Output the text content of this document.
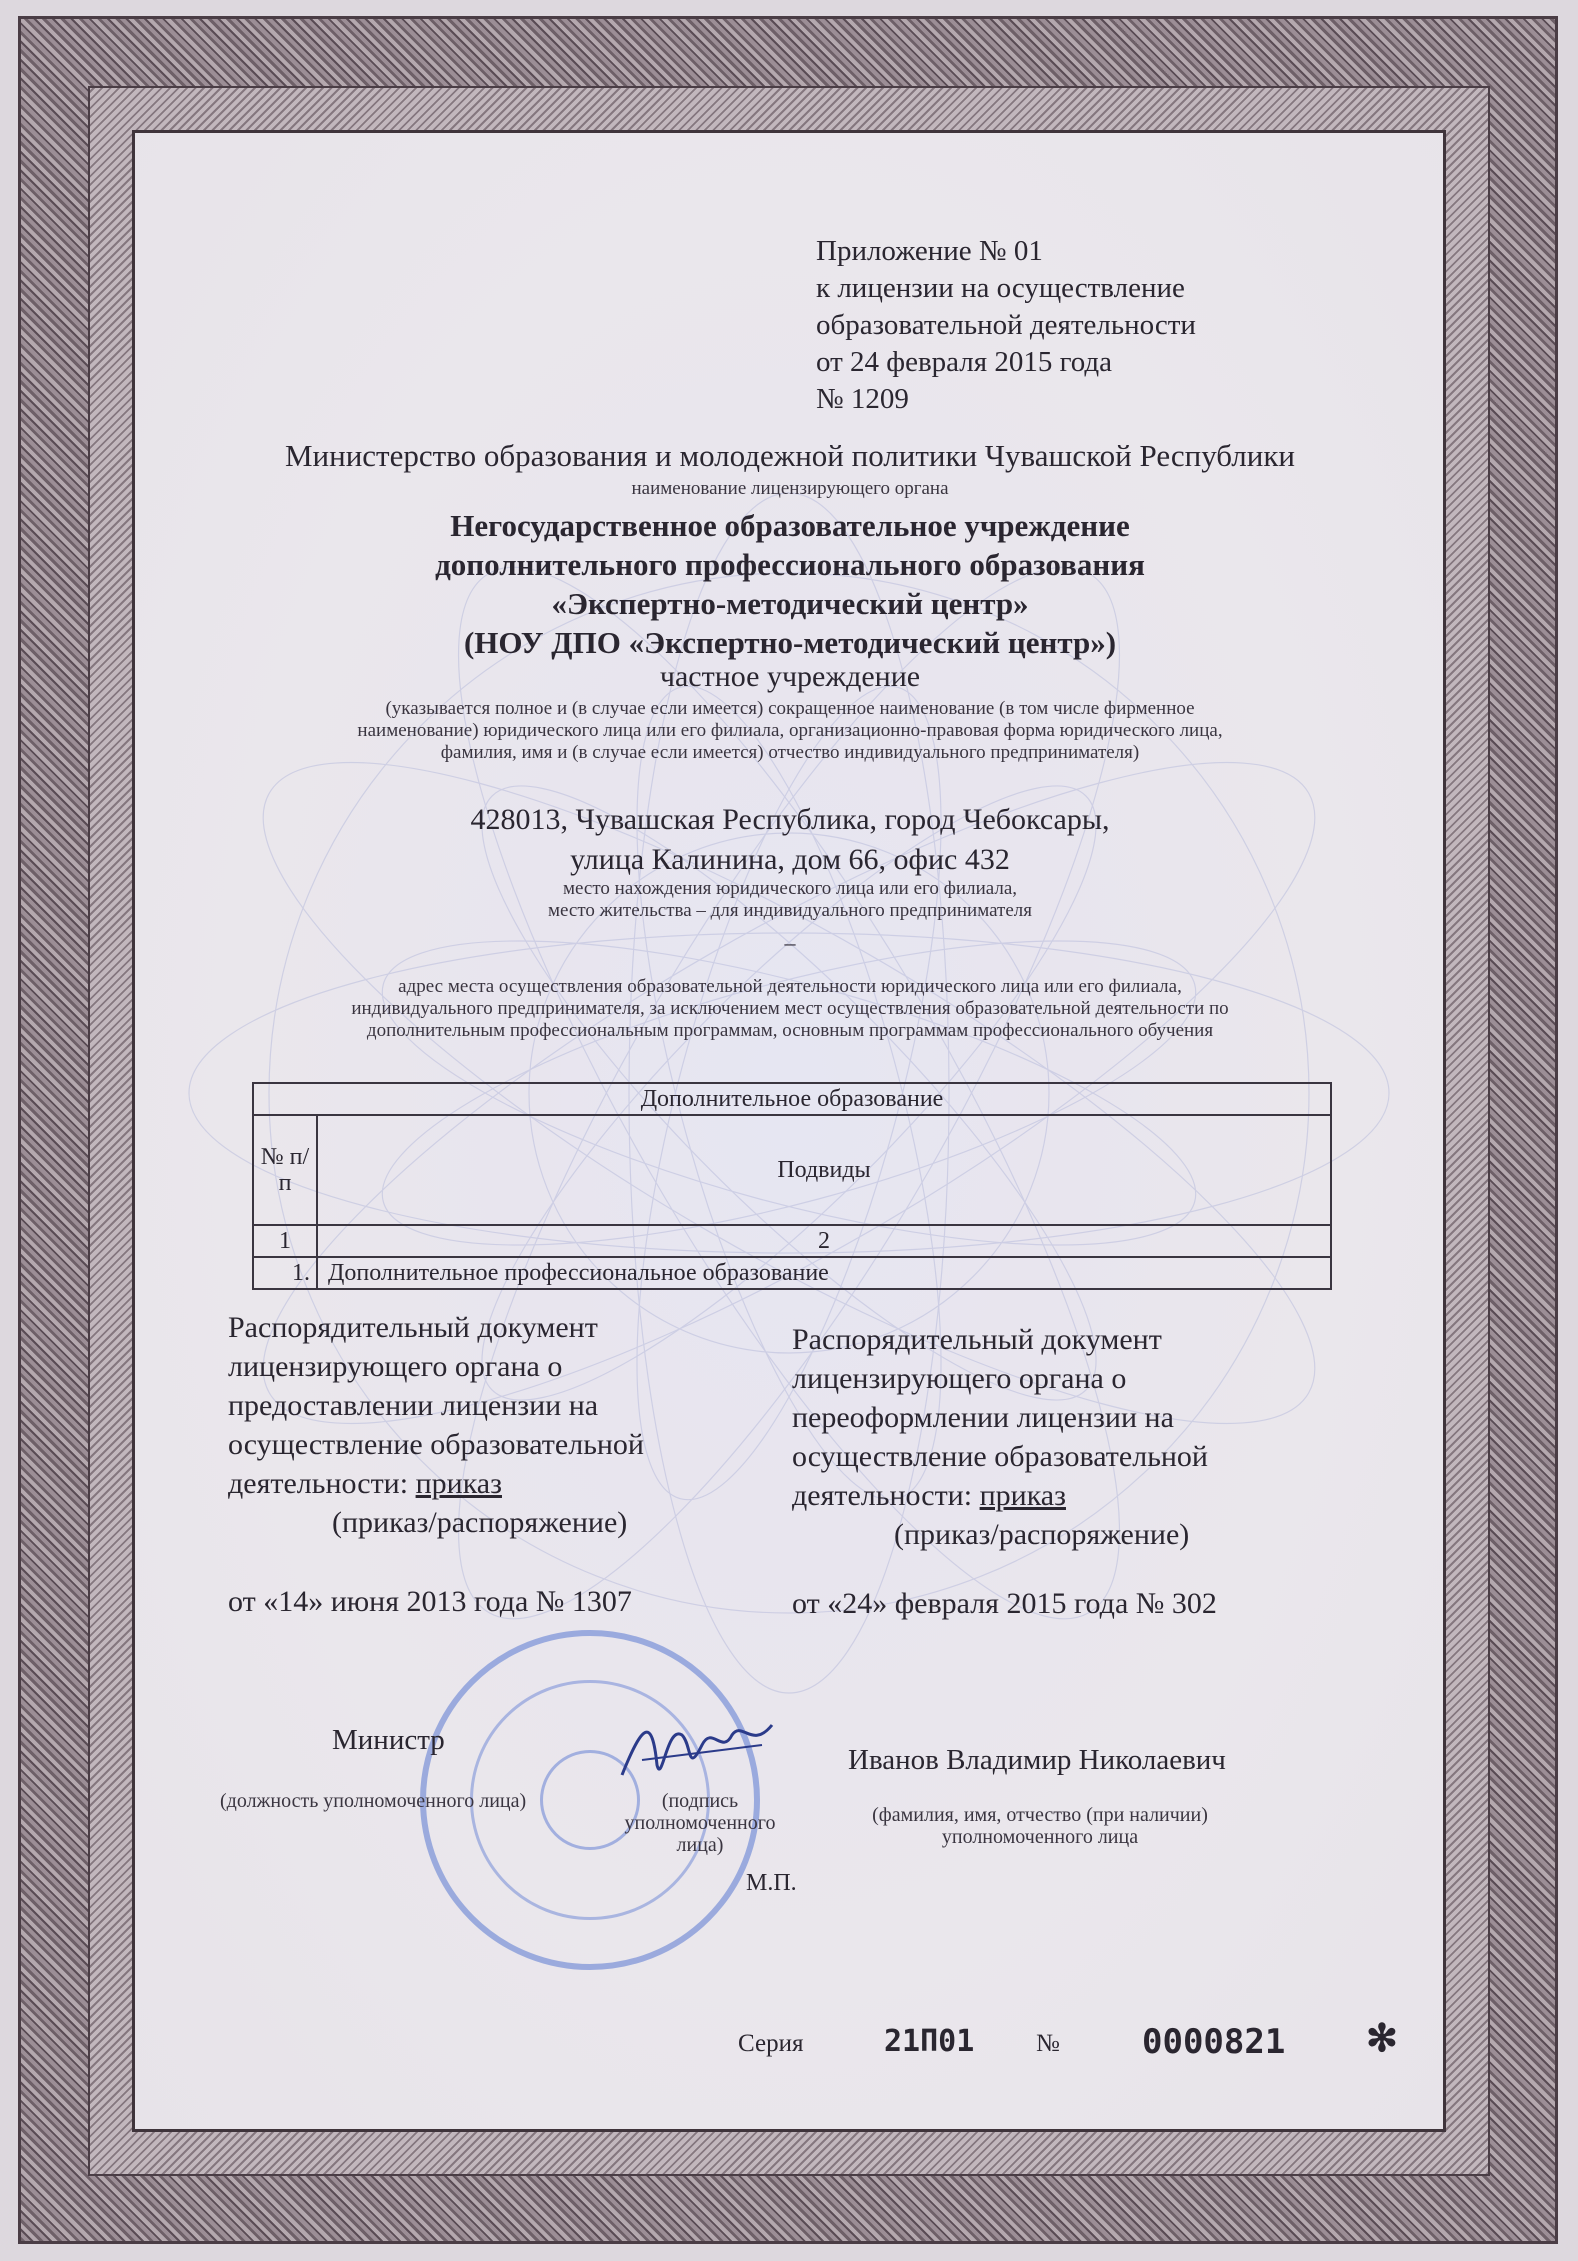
Приложение № 01
к лицензии на осуществление
образовательной деятельности
от 24 февраля 2015 года
№ 1209
Министерство образования и молодежной политики Чувашской Республики
наименование лицензирующего органа
Негосударственное образовательное учреждение
дополнительного профессионального образования
«Экспертно-методический центр»
(НОУ ДПО «Экспертно-методический центр»)
частное учреждение
(указывается полное и (в случае если имеется) сокращенное наименование (в том числе фирменное
наименование) юридического лица или его филиала, организационно-правовая форма юридического лица,
фамилия, имя и (в случае если имеется) отчество индивидуального предпринимателя)
428013, Чувашская Республика, город Чебоксары,
улица Калинина, дом 66, офис 432
место нахождения юридического лица или его филиала,
место жительства – для индивидуального предпринимателя
–
адрес места осуществления образовательной деятельности юридического лица или его филиала,
индивидуального предпринимателя, за исключением мест осуществления образовательной деятельности по
дополнительным профессиональным программам, основным программам профессионального обучения
Дополнительное образование	
№ п/ п	Подвиды
1	2
1.	Дополнительное профессиональное образование
Распорядительный документ
лицензирующего органа о
предоставлении лицензии на
осуществление образовательной
деятельности: приказ
(приказ/распоряжение)
от «14» июня 2013 года № 1307
Распорядительный документ
лицензирующего органа о
переоформлении лицензии на
осуществление образовательной
деятельности: приказ
(приказ/распоряжение)
от «24» февраля 2015 года № 302
Министр
(должность уполномоченного лица)	(подпись
уполномоченного
лица)
Иванов Владимир Николаевич
(фамилия, имя, отчество (при наличии)
уполномоченного лица
М.П.
Серия	21П01 № 0000821 ✻
